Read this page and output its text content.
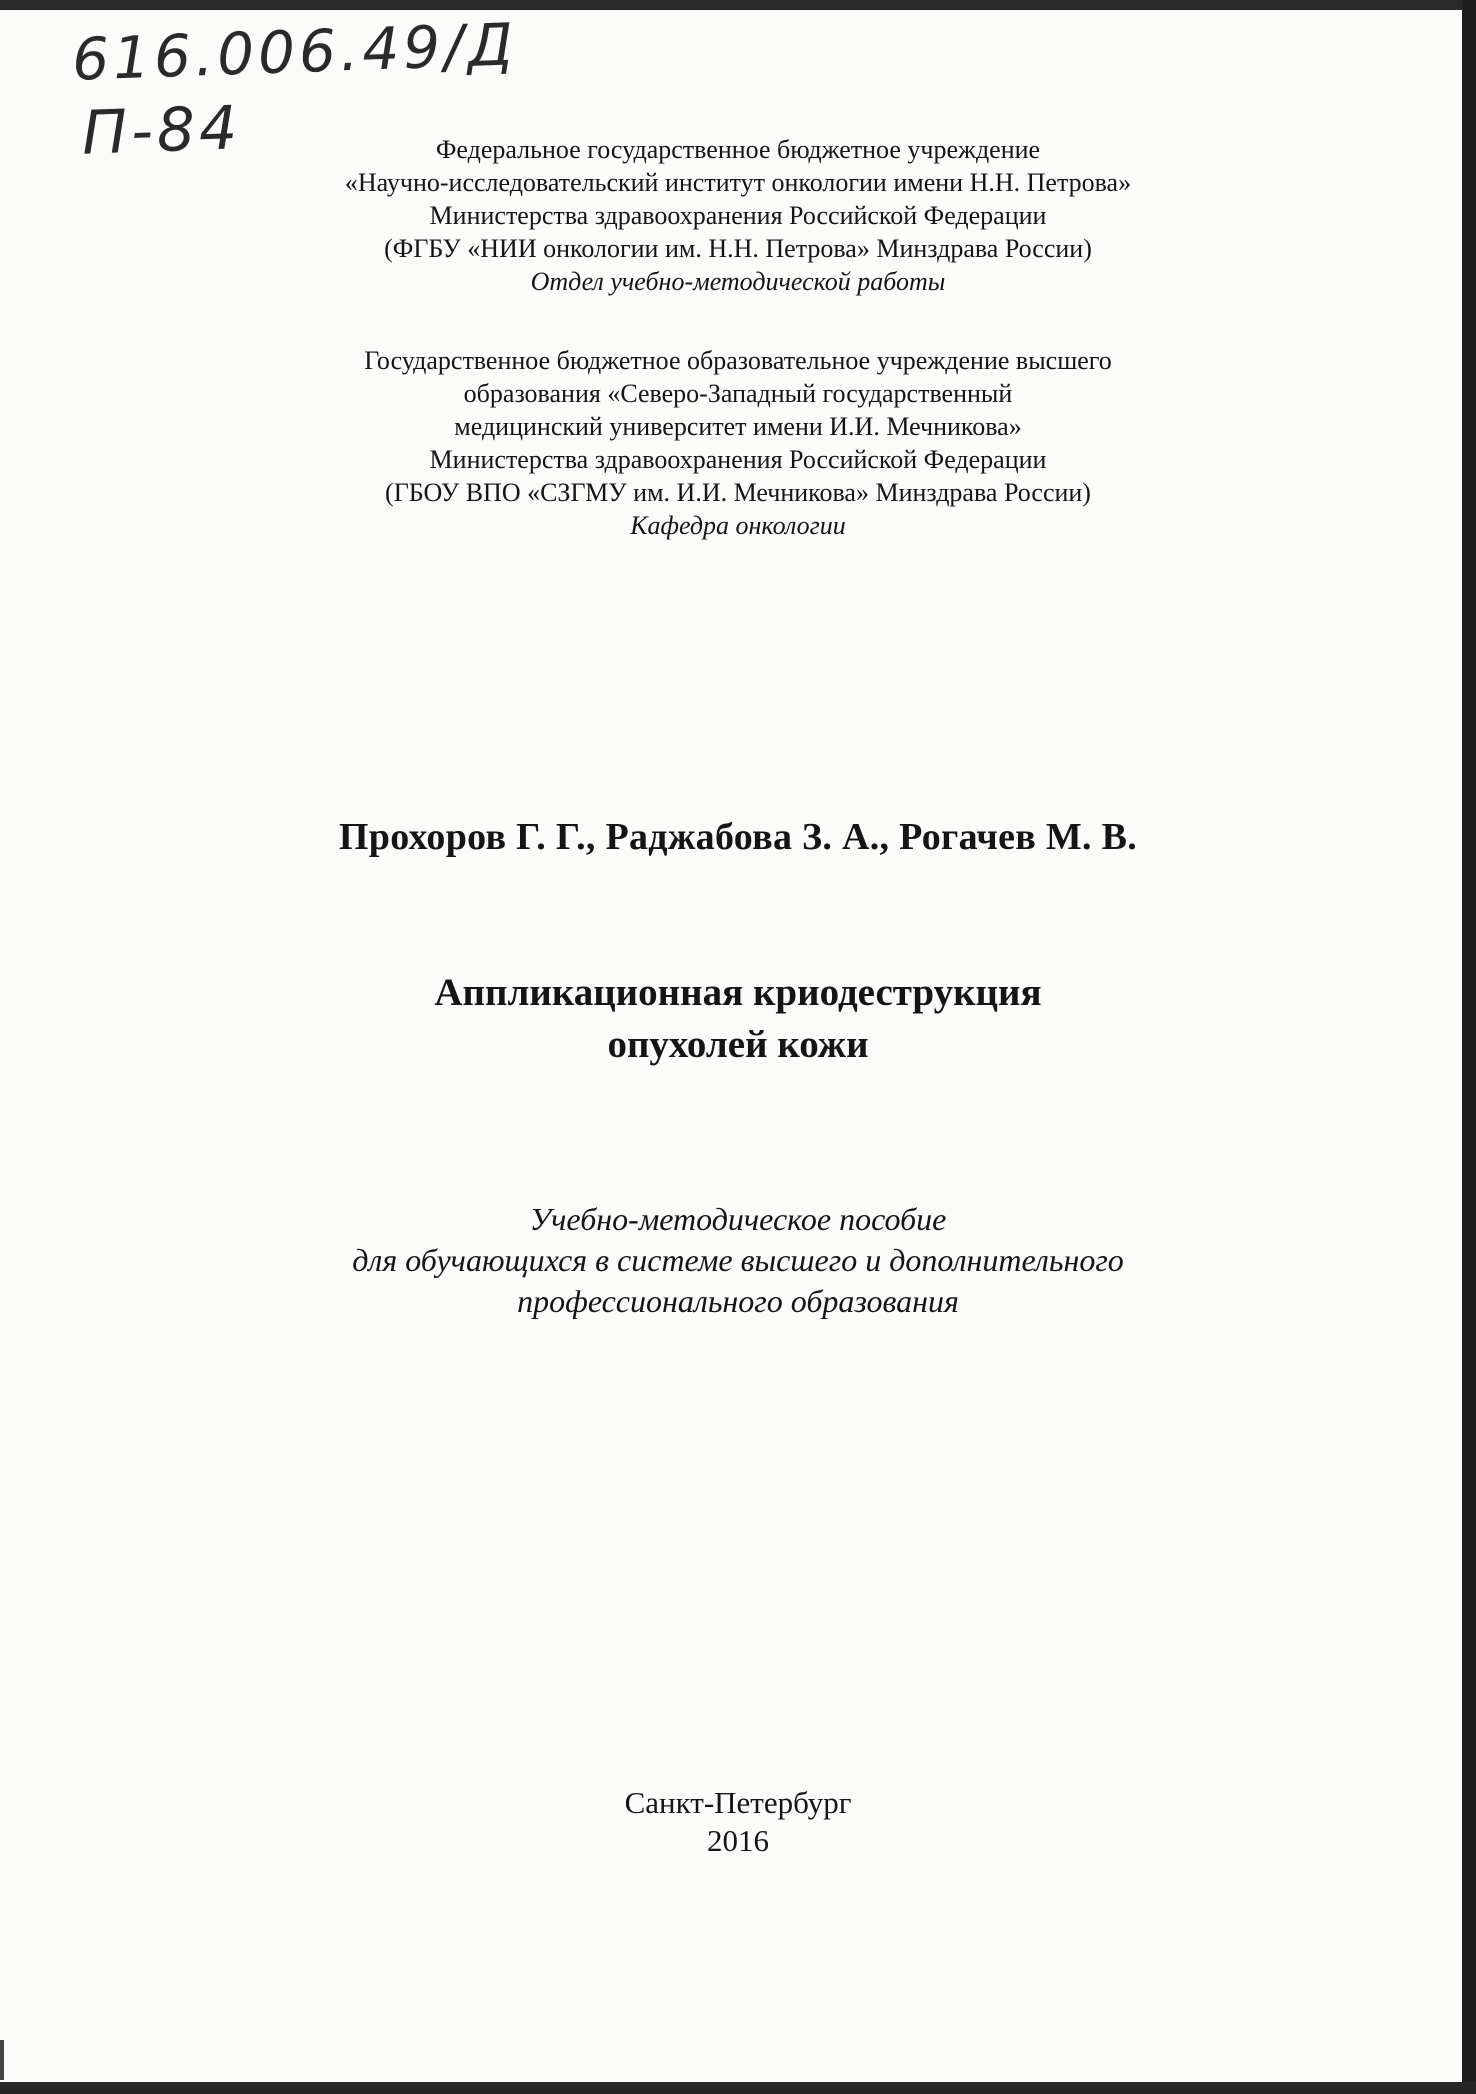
616.006.49/Д
П-84	Федеральное государственное бюджетное учреждение
«Научно-исследовательский институт онкологии имени Н.Н. Петрова»
Министерства здравоохранения Российской Федерации
(ФГБУ «НИИ онкологии им. Н.Н. Петрова» Минздрава России)
Отдел учебно-методической работы
Государственное бюджетное образовательное учреждение высшего
образования «Северо-Западный государственный
медицинский университет имени И.И. Мечникова»
Министерства здравоохранения Российской Федерации
(ГБОУ ВПО «СЗГМУ им. И.И. Мечникова» Минздрава России)
Кафедра онкологии
Прохоров Г. Г., Раджабова З. А., Рогачев М. В.
Аппликационная криодеструкция
опухолей кожи
Учебно-методическое пособие
для обучающихся в системе высшего и дополнительного
профессионального образования
Санкт-Петербург
2016
